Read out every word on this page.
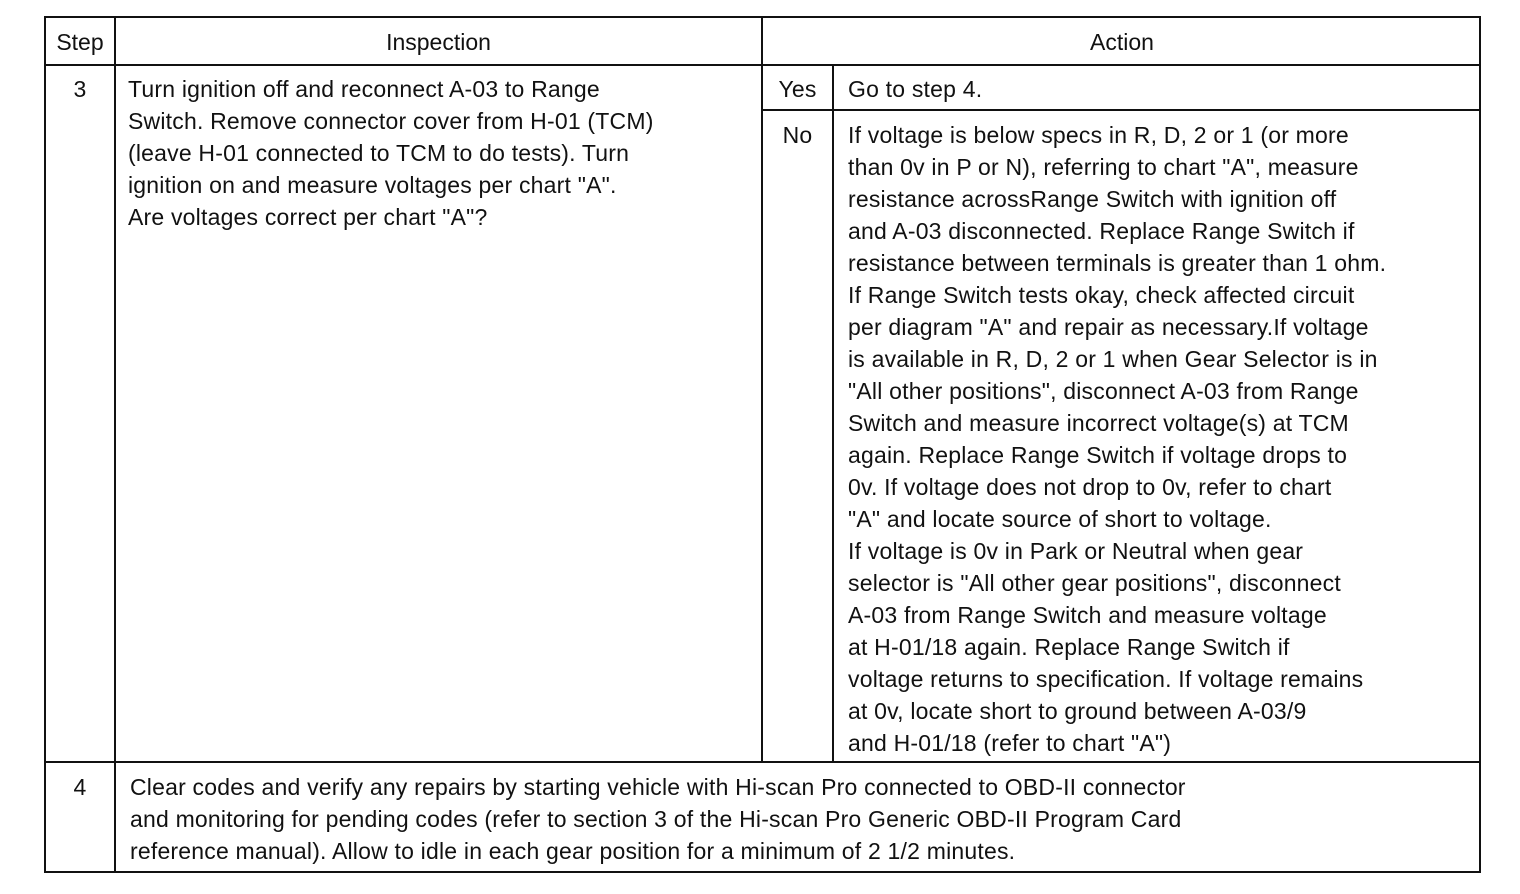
Step	Inspection	Action
3	Turn ignition off and reconnect A-03 to Range
Switch. Remove connector cover from H-01 (TCM)
(leave H-01 connected to TCM to do tests). Turn
ignition on and measure voltages per chart "A".
Are voltages correct per chart "A"?
Yes	Go to step 4.
No	If voltage is below specs in R, D, 2 or 1 (or more
than 0v in P or N), referring to chart "A", measure
resistance acrossRange Switch with ignition off
and A-03 disconnected. Replace Range Switch if
resistance between terminals is greater than 1 ohm.
If Range Switch tests okay, check affected circuit
per diagram "A" and repair as necessary.If voltage
is available in R, D, 2 or 1 when Gear Selector is in
"All other positions", disconnect A-03 from Range
Switch and measure incorrect voltage(s) at TCM
again. Replace Range Switch if voltage drops to
0v. If voltage does not drop to 0v, refer to chart
"A" and locate source of short to voltage.
If voltage is 0v in Park or Neutral when gear
selector is "All other gear positions", disconnect
A-03 from Range Switch and measure voltage
at H-01/18 again. Replace Range Switch if
voltage returns to specification. If voltage remains
at 0v, locate short to ground between A-03/9
and H-01/18 (refer to chart "A")
4	Clear codes and verify any repairs by starting vehicle with Hi-scan Pro connected to OBD-II connector
and monitoring for pending codes (refer to section 3 of the Hi-scan Pro Generic OBD-II Program Card
reference manual). Allow to idle in each gear position for a minimum of 2 1/2 minutes.
